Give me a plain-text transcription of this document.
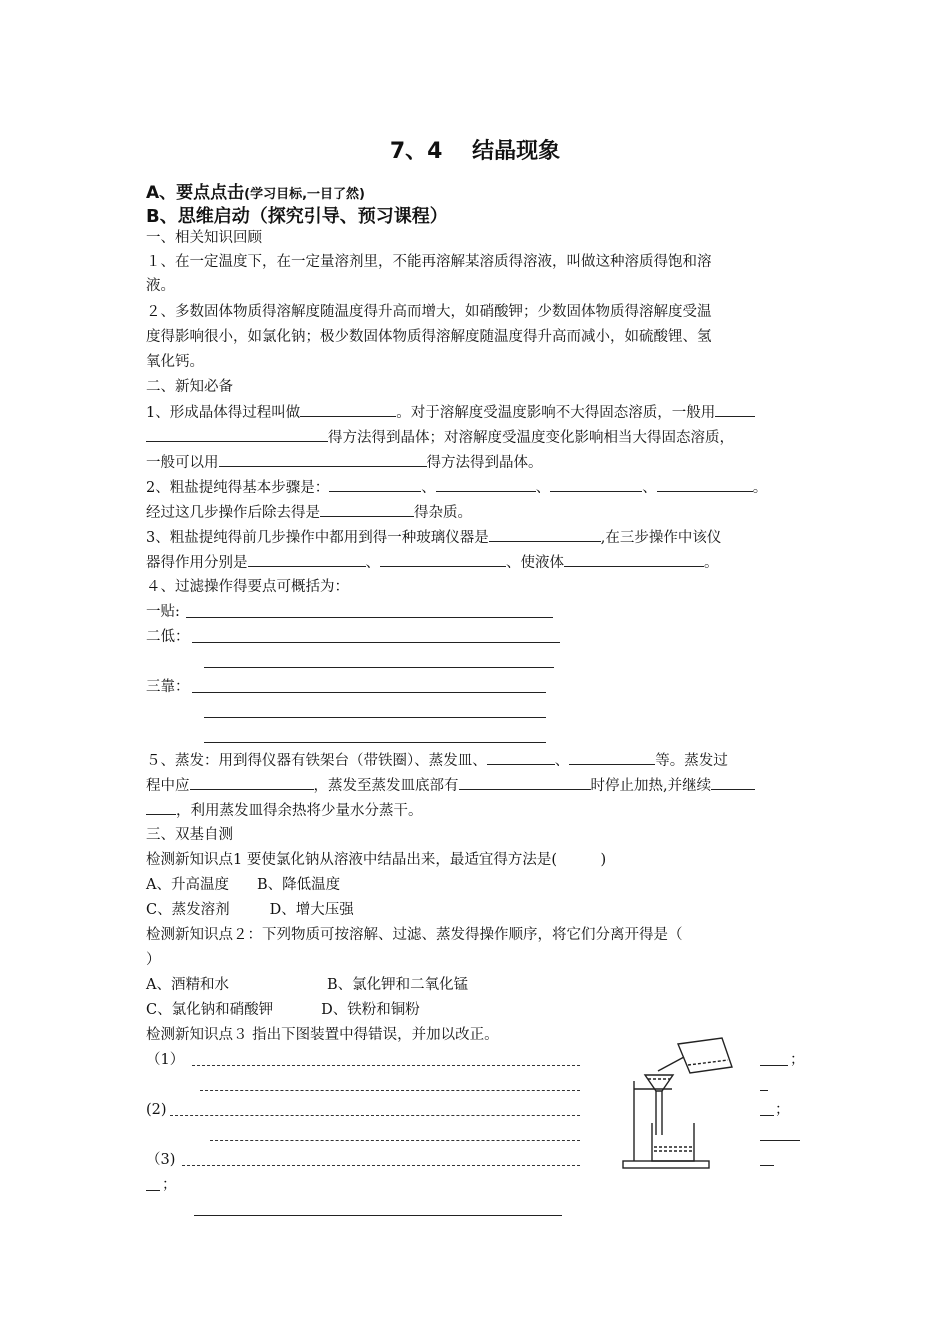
7、4　 结晶现象
A、要点点击(学习目标,一目了然)
B、思维启动（探究引导、预习课程）
一、相关知识回顾
１、在一定温度下，在一定量溶剂里，不能再溶解某溶质得溶液，叫做这种溶质得饱和溶
液。
２、多数固体物质得溶解度随温度得升高而增大，如硝酸钾；少数固体物质得溶解度受温
度得影响很小，如氯化钠；极少数固体物质得溶解度随温度得升高而减小，如硫酸锂、氢
氧化钙。
二、新知必备
1、形成晶体得过程叫做	。对于溶解度受温度影响不大得固态溶质，一般用
得方法得到晶体；对溶解度受温度变化影响相当大得固态溶质，
一般可以用	得方法得到晶体。
2、粗盐提纯得基本步骤是：	、	、	、	。
经过这几步操作后除去得是	得杂质。
3、粗盐提纯得前几步操作中都用到得一种玻璃仪器是	,在三步操作中该仪
器得作用分别是	、	、使液体	。
４、过滤操作得要点可概括为：
一贴:
二低：
三靠：
５、蒸发：用到得仪器有铁架台（带铁圈）、蒸发皿、	、	等。蒸发过
程中应	，蒸发至蒸发皿底部有	时停止加热,并继续
，利用蒸发皿得余热将少量水分蒸干。
三、双基自测
检测新知识点1 要使氯化钠从溶液中结晶出来，最适宜得方法是(　　　)
A、升高温度 B、降低温度
C、蒸发溶剂	D、增大压强
检测新知识点２：下列物质可按溶解、过滤、蒸发得操作顺序，将它们分离开得是（
）
A、酒精和水	B、氯化钾和二氧化锰
C、氯化钠和硝酸钾	D、铁粉和铜粉
检测新知识点３ 指出下图装置中得错误，并加以改正。
（1）
(2)
（3)
；
；
；
